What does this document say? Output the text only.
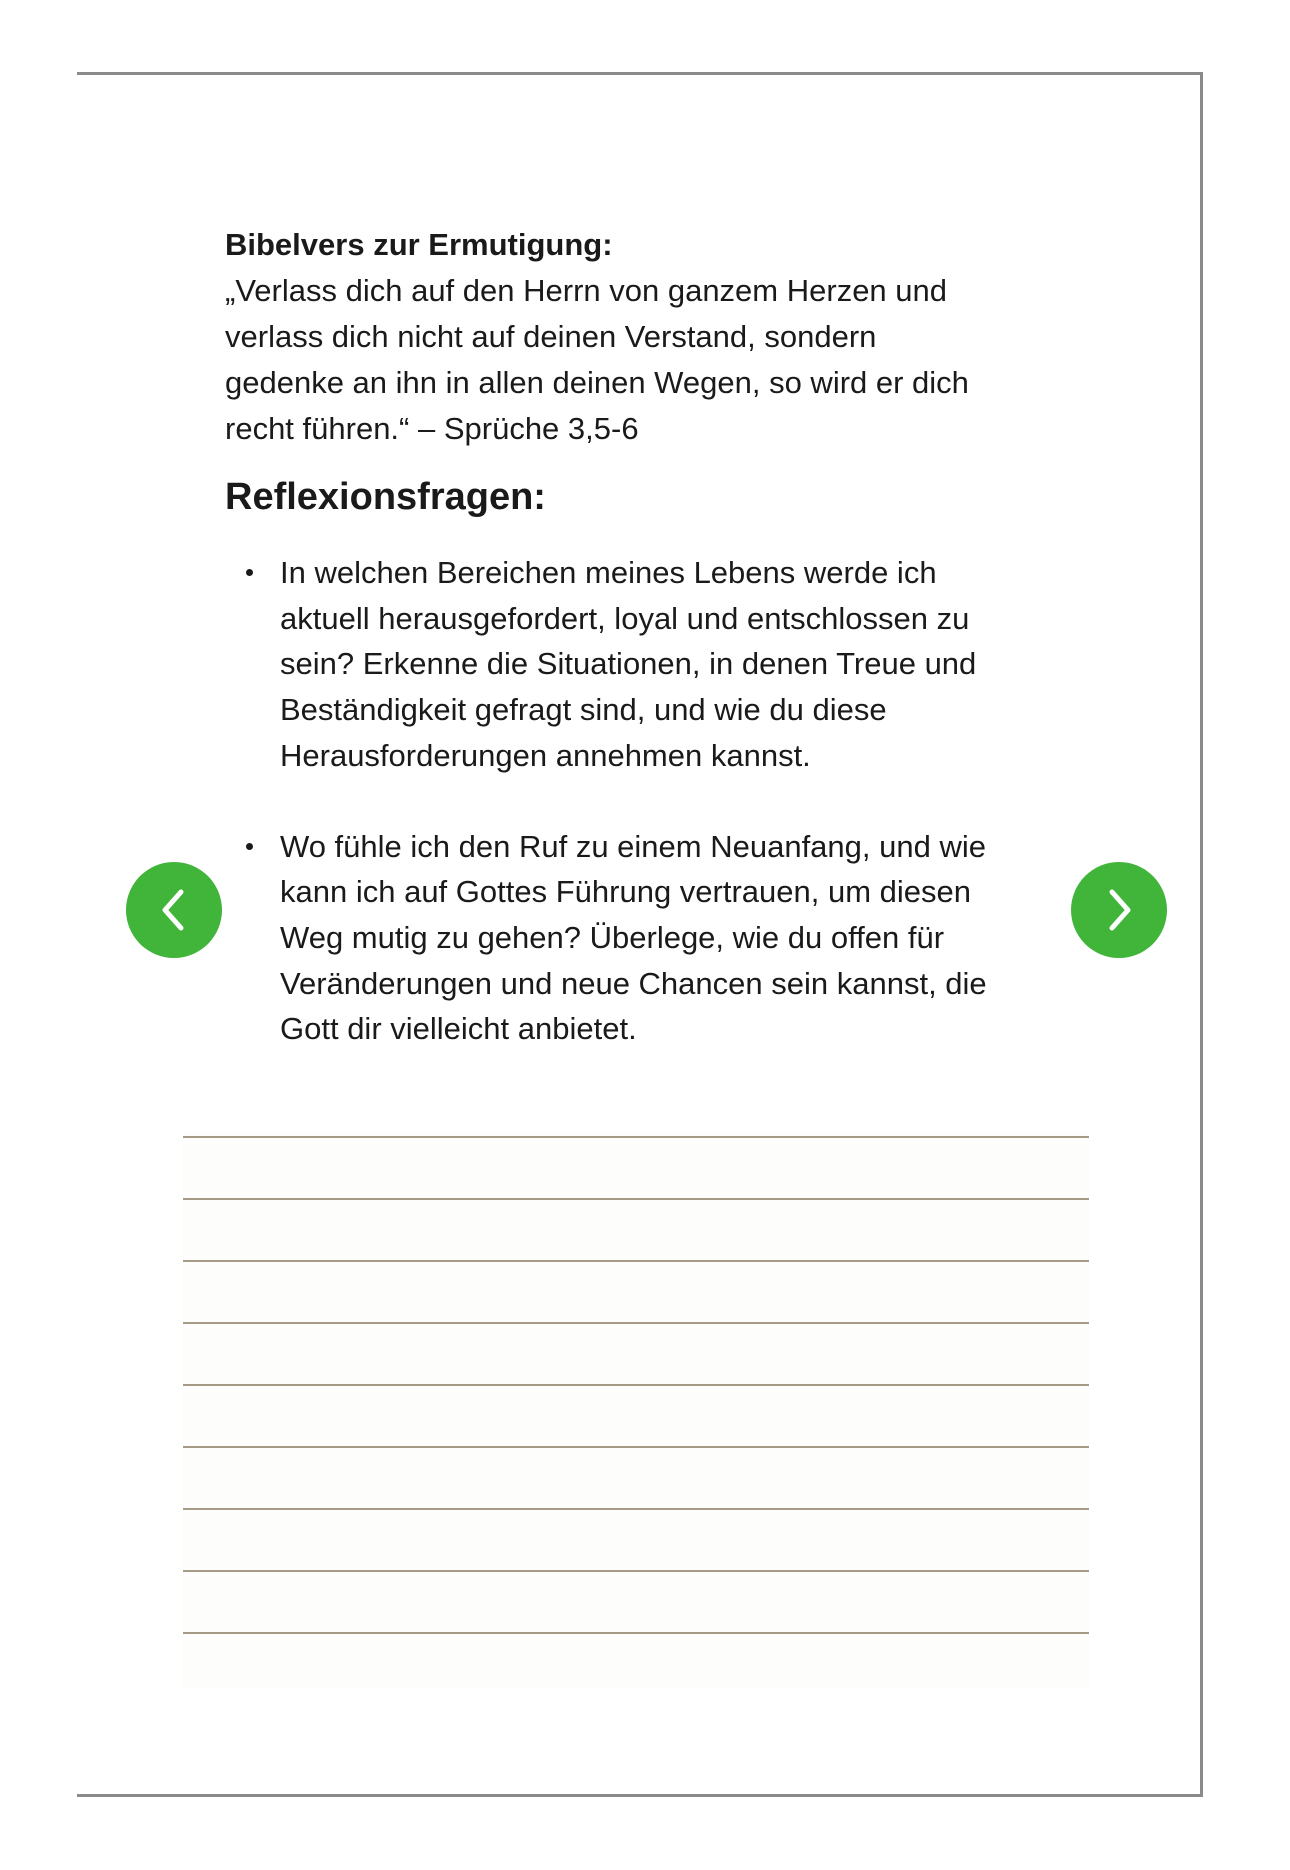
Bibelvers zur Ermutigung:

„Verlass dich auf den Herrn von ganzem Herzen und
verlass dich nicht auf deinen Verstand, sondern
gedenke an ihn in allen deinen Wegen, so wird er dich
recht führen.“ – Sprüche 3,5-6

Reflexionsfragen:
In welchen Bereichen meines Lebens werde ich
aktuell herausgefordert, loyal und entschlossen zu
sein? Erkenne die Situationen, in denen Treue und
Beständigkeit gefragt sind, und wie du diese
Herausforderungen annehmen kannst.
Wo fühle ich den Ruf zu einem Neuanfang, und wie
kann ich auf Gottes Führung vertrauen, um diesen
Weg mutig zu gehen? Überlege, wie du offen für
Veränderungen und neue Chancen sein kannst, die
Gott dir vielleicht anbietet.
